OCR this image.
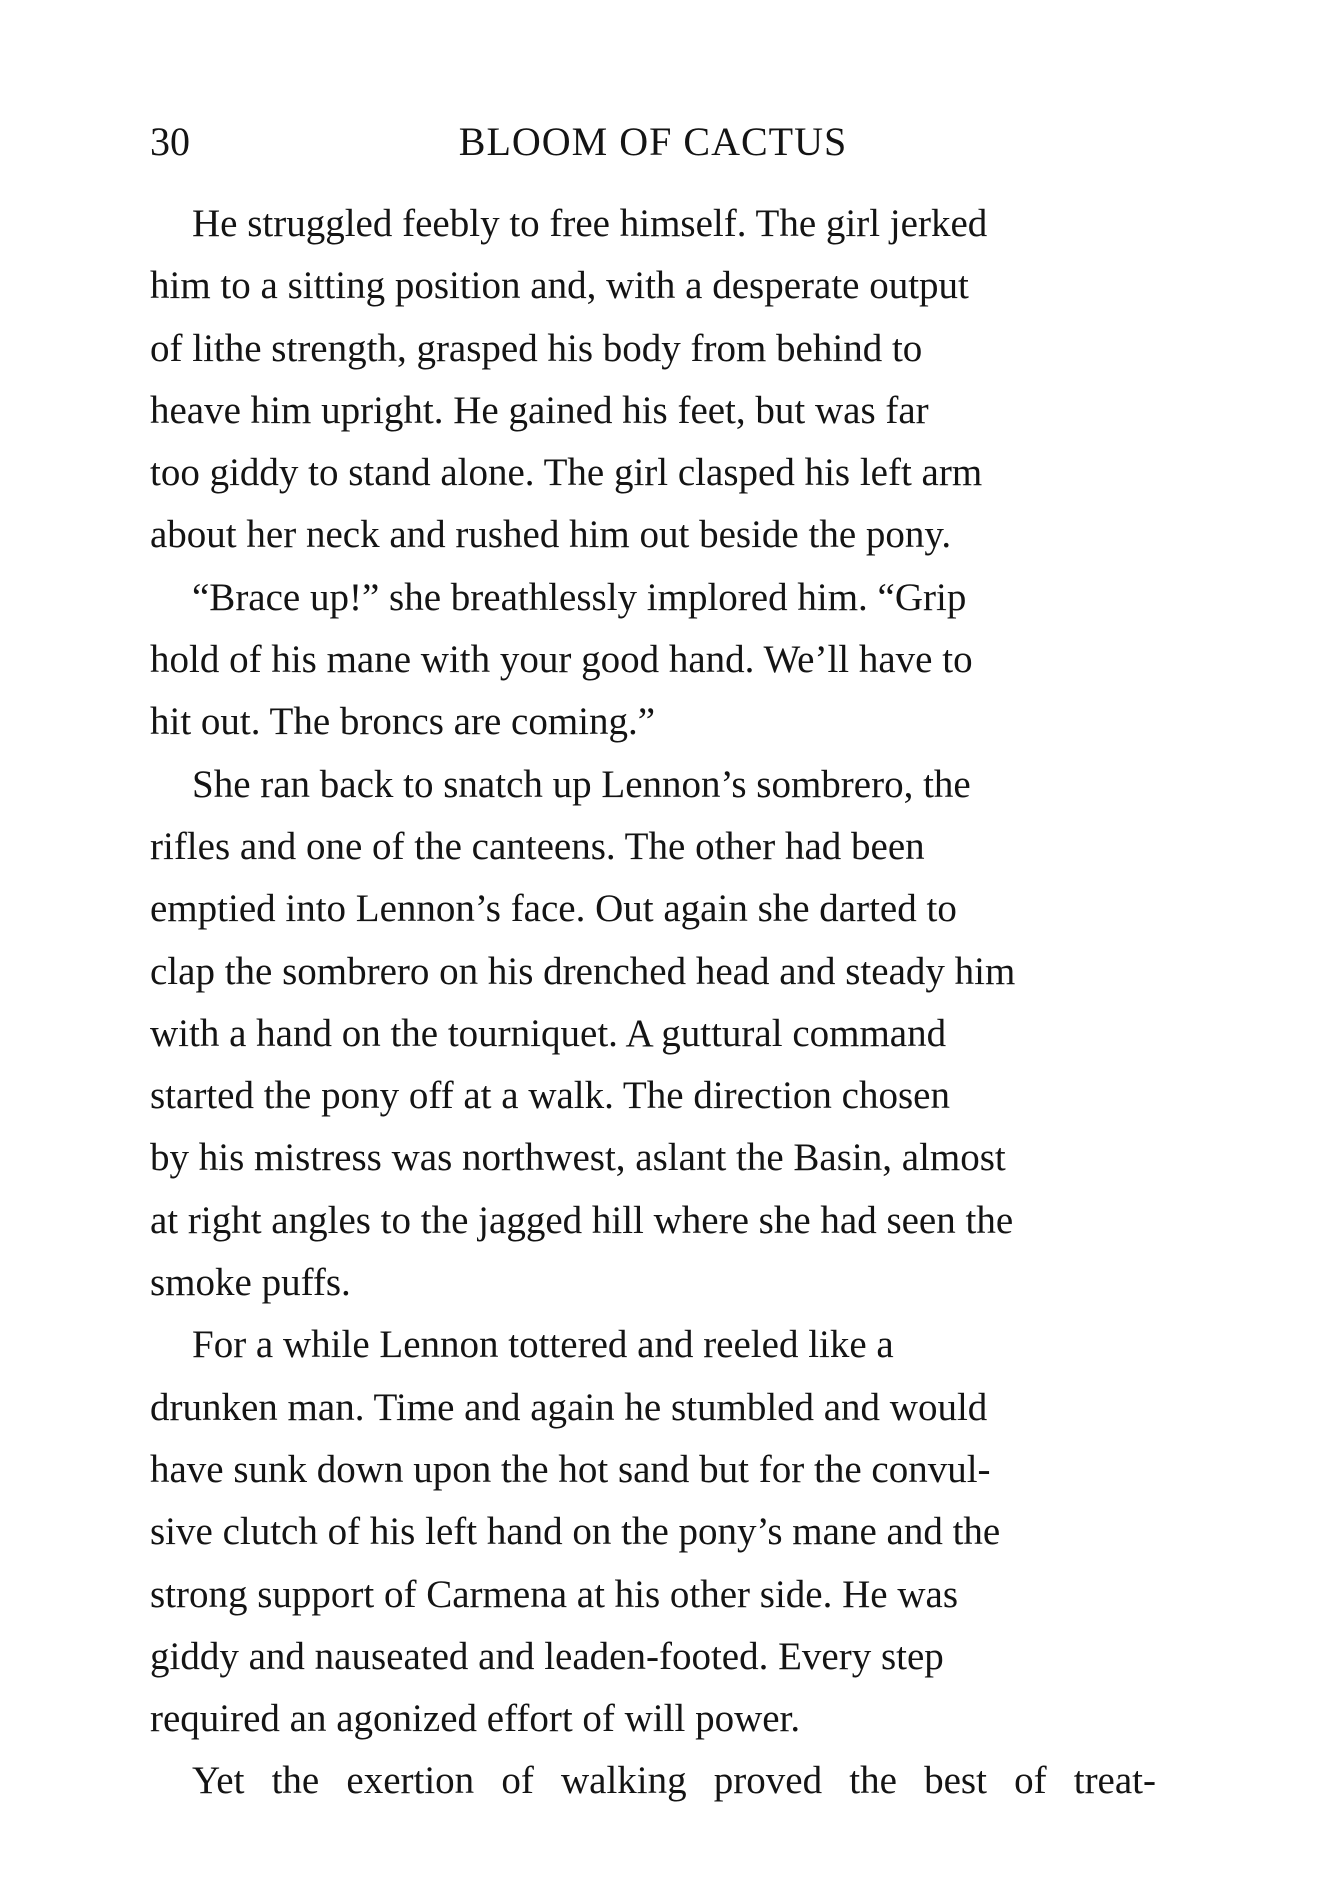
30	BLOOM OF CACTUS

He struggled feebly to free himself. The girl jerked
him to a sitting position and, with a desperate output
of lithe strength, grasped his body from behind to
heave him upright. He gained his feet, but was far
too giddy to stand alone. The girl clasped his left arm
about her neck and rushed him out beside the pony.

“Brace up!” she breathlessly implored him. “Grip
hold of his mane with your good hand. We’ll have to
hit out. The broncs are coming.”

She ran back to snatch up Lennon’s sombrero, the
rifles and one of the canteens. The other had been
emptied into Lennon’s face. Out again she darted to
clap the sombrero on his drenched head and steady him
with a hand on the tourniquet. A guttural command
started the pony off at a walk. The direction chosen
by his mistress was northwest, aslant the Basin, almost
at right angles to the jagged hill where she had seen the
smoke puffs.

For a while Lennon tottered and reeled like a
drunken man. Time and again he stumbled and would
have sunk down upon the hot sand but for the convul-
sive clutch of his left hand on the pony’s mane and the
strong support of Carmena at his other side. He was
giddy and nauseated and leaden-footed. Every step
required an agonized effort of will power.

Yet the exertion of walking proved the best of treat-
